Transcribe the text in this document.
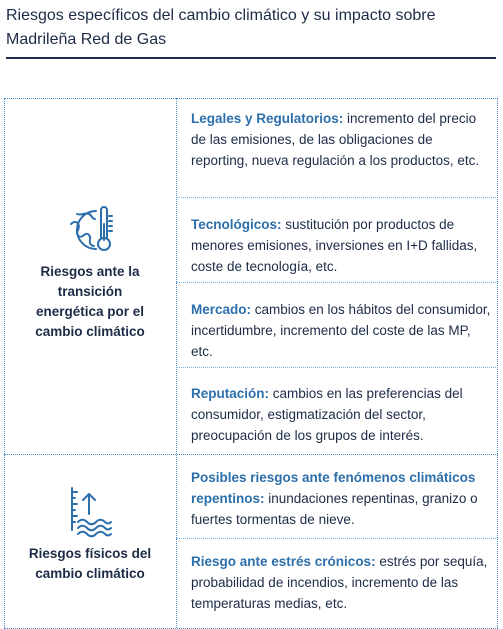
Riesgos específicos del cambio climático y su impacto sobre Madrileña Red de Gas
Riesgos ante la transición energética por el cambio climático
Legales y Regulatorios: incremento del precio de las emisiones, de las obligaciones de reporting, nueva regulación a los productos, etc.
Tecnológicos: sustitución por productos de menores emisiones, inversiones en I+D fallidas, coste de tecnología, etc.
Mercado: cambios en los hábitos del consumidor, incertidumbre, incremento del coste de las MP, etc.
Reputación: cambios en las preferencias del consumidor, estigmatización del sector, preocupación de los grupos de interés.
Riesgos físicos del cambio climático
Posibles riesgos ante fenómenos climáticos repentinos: inundaciones repentinas, granizo o fuertes tormentas de nieve.
Riesgo ante estrés crónicos: estrés por sequía, probabilidad de incendios, incremento de las temperaturas medias, etc.
